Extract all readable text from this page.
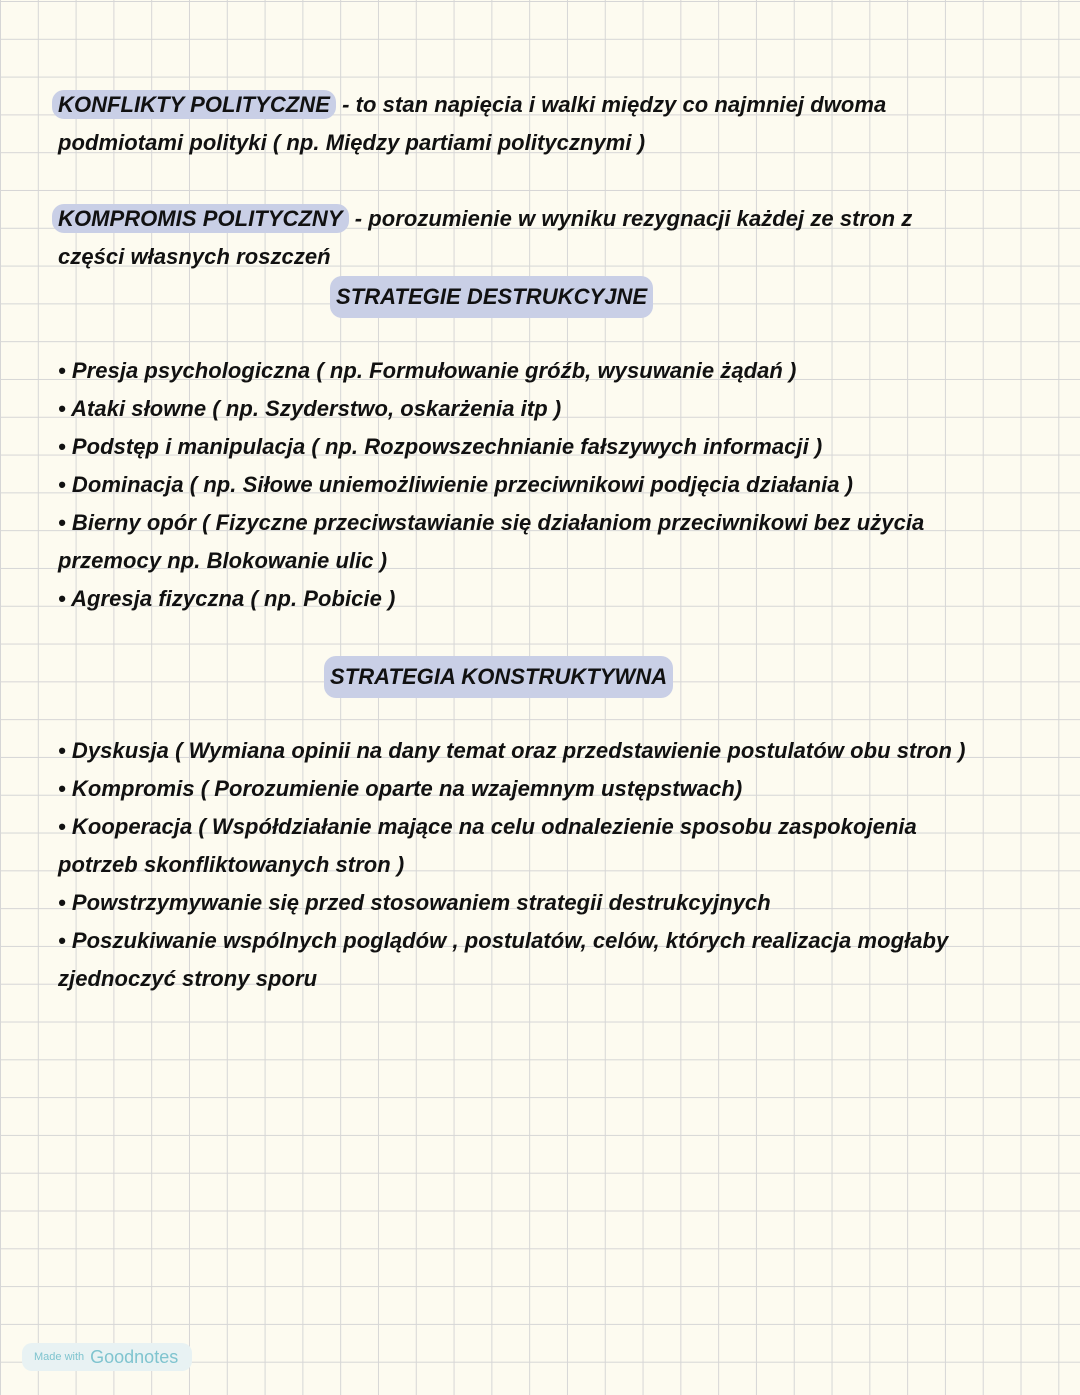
KONFLIKTY POLITYCZNE - to stan napięcia i walki między co najmniej dwoma
podmiotami polityki ( np. Między partiami politycznymi )
KOMPROMIS POLITYCZNY - porozumienie w wyniku rezygnacji każdej ze stron z
części własnych roszczeń
STRATEGIE DESTRUKCYJNE
• Presja psychologiczna ( np. Formułowanie gróźb, wysuwanie żądań )
• Ataki słowne ( np. Szyderstwo, oskarżenia itp )
• Podstęp i manipulacja ( np. Rozpowszechnianie fałszywych informacji )
• Dominacja ( np. Siłowe uniemożliwienie przeciwnikowi podjęcia działania )
• Bierny opór ( Fizyczne przeciwstawianie się działaniom przeciwnikowi bez użycia
przemocy np. Blokowanie ulic )
• Agresja fizyczna ( np. Pobicie )
STRATEGIA KONSTRUKTYWNA
• Dyskusja ( Wymiana opinii na dany temat oraz przedstawienie postulatów obu stron )
• Kompromis ( Porozumienie oparte na wzajemnym ustępstwach)
• Kooperacja ( Współdziałanie mające na celu odnalezienie sposobu zaspokojenia
potrzeb skonfliktowanych stron )
• Powstrzymywanie się przed stosowaniem strategii destrukcyjnych
• Poszukiwanie wspólnych poglądów , postulatów, celów, których realizacja mogłaby
zjednoczyć strony sporu
Made with Goodnotes
